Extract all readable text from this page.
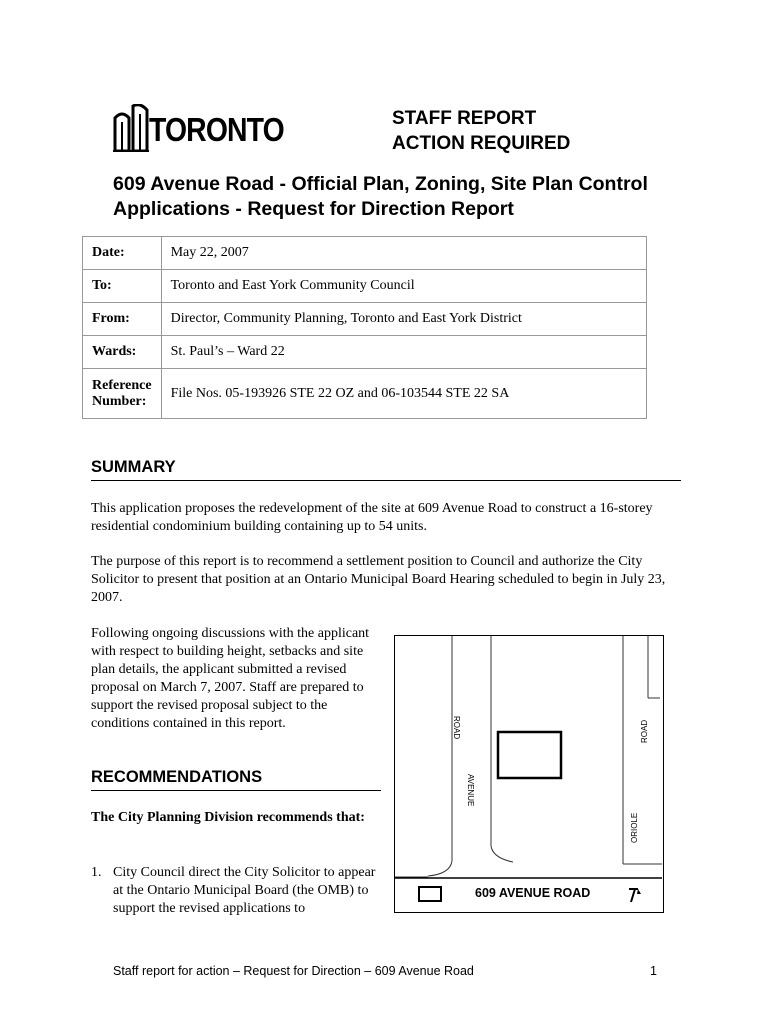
TORONTO	STAFF REPORT
ACTION REQUIRED
609 Avenue Road - Official Plan, Zoning, Site Plan Control Applications - Request for Direction Report
Date:	May 22, 2007
To:	Toronto and East York Community Council
From:	Director, Community Planning, Toronto and East York District
Wards:	St. Paul’s – Ward 22
Reference Number:	File Nos. 05-193926 STE 22 OZ and 06-103544 STE 22 SA
SUMMARY
This application proposes the redevelopment of the site at 609 Avenue Road to construct a 16-storey residential condominium building containing up to 54 units.
The purpose of this report is to recommend a settlement position to Council and authorize the City Solicitor to present that position at an Ontario Municipal Board Hearing scheduled to begin in July 23, 2007.
Following ongoing discussions with the applicant with respect to building height, setbacks and site plan details, the applicant submitted a revised proposal on March 7, 2007. Staff are prepared to support the revised proposal subject to the conditions contained in this report.
RECOMMENDATIONS
The City Planning Division recommends that:
1. City Council direct the City Solicitor to appear at the Ontario Municipal Board (the OMB) to support the revised applications to
ROAD
AVENUE
ROAD
ORIOLE
609 AVENUE ROAD
Staff report for action – Request for Direction – 609 Avenue Road	1
